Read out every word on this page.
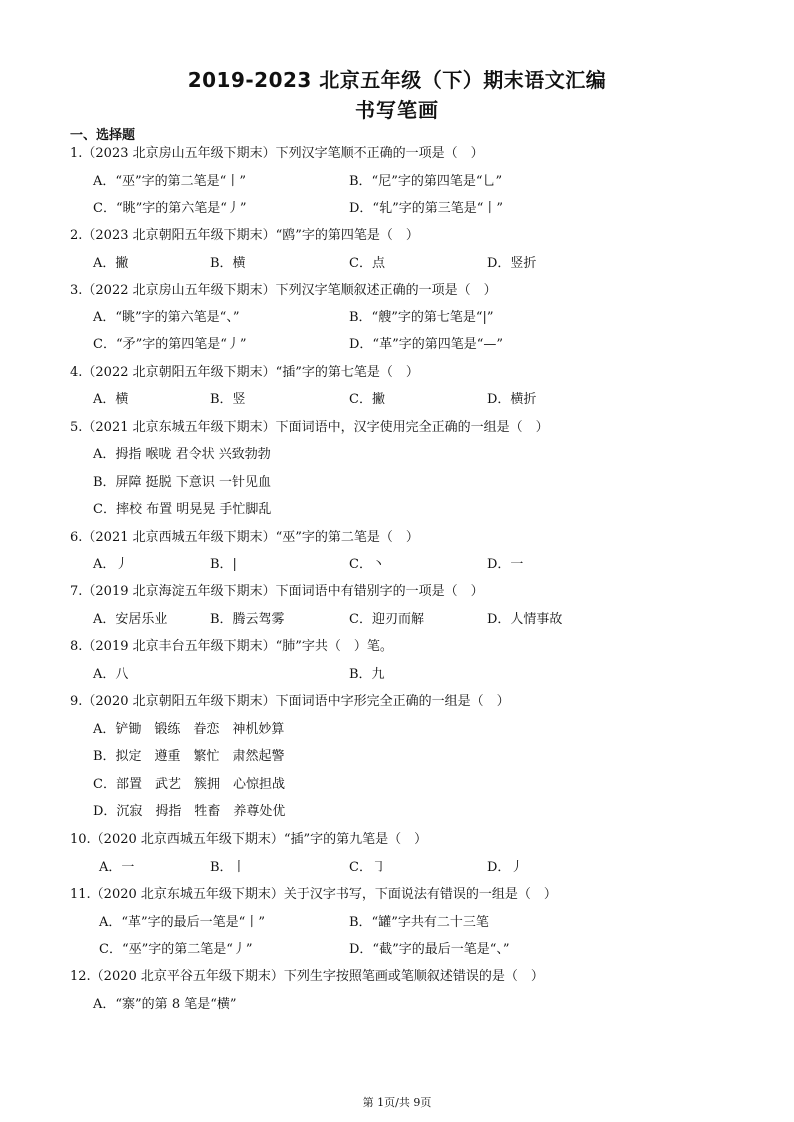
2019-2023 北京五年级（下）期末语文汇编
书写笔画
一、选择题
1.（2023 北京房山五年级下期末）下列汉字笔顺不正确的一项是（　）
A．“巫”字的第二笔是“丨”	B．“尼”字的第四笔是“乚”
C．“眺”字的第六笔是“丿”	D．“轧”字的第三笔是“丨”
2.（2023 北京朝阳五年级下期末）“鸥”字的第四笔是（　）
A．撇	B．横	C．点	D．竖折
3.（2022 北京房山五年级下期末）下列汉字笔顺叙述正确的一项是（　）
A．“眺”字的第六笔是“、”	B．“艘”字的第七笔是“|”
C．“矛”字的第四笔是“丿”	D．“革”字的第四笔是“—”
4.（2022 北京朝阳五年级下期末）“插”字的第七笔是（　）
A．横	B．竖	C．撇	D．横折
5.（2021 北京东城五年级下期末）下面词语中，汉字使用完全正确的一组是（　）
A．拇指 喉咙 君令状 兴致勃勃
B．屏障 挺脱 下意识 一针见血
C．摔校 布置 明晃晃 手忙脚乱
6.（2021 北京西城五年级下期末）“巫”字的第二笔是（　）
A．丿	B．|	C．丶	D．一
7.（2019 北京海淀五年级下期末）下面词语中有错别字的一项是（　）
A．安居乐业	B．腾云驾雾	C．迎刃而解	D．人情事故
8.（2019 北京丰台五年级下期末）“肺”字共（　）笔。
A．八	B．九
9.（2020 北京朝阳五年级下期末）下面词语中字形完全正确的一组是（　）
A．铲锄　锻练　眷恋　神机妙算
B．拟定　遵重　繁忙　肃然起警
C．部置　武艺　簇拥　心惊担战
D．沉寂　拇指　牲畜　养尊处优
10.（2020 北京西城五年级下期末）“插”字的第九笔是（　）
A．一	B．丨	C．㇆	D．丿
11.（2020 北京东城五年级下期末）关于汉字书写，下面说法有错误的一组是（　）
A．“革”字的最后一笔是“丨”	B．“罐”字共有二十三笔
C．“巫”字的第二笔是“丿”	D．“截”字的最后一笔是“、”
12.（2020 北京平谷五年级下期末）下列生字按照笔画或笔顺叙述错误的是（　）
A．“寨”的第 8 笔是“横”
第 1页/共 9页
